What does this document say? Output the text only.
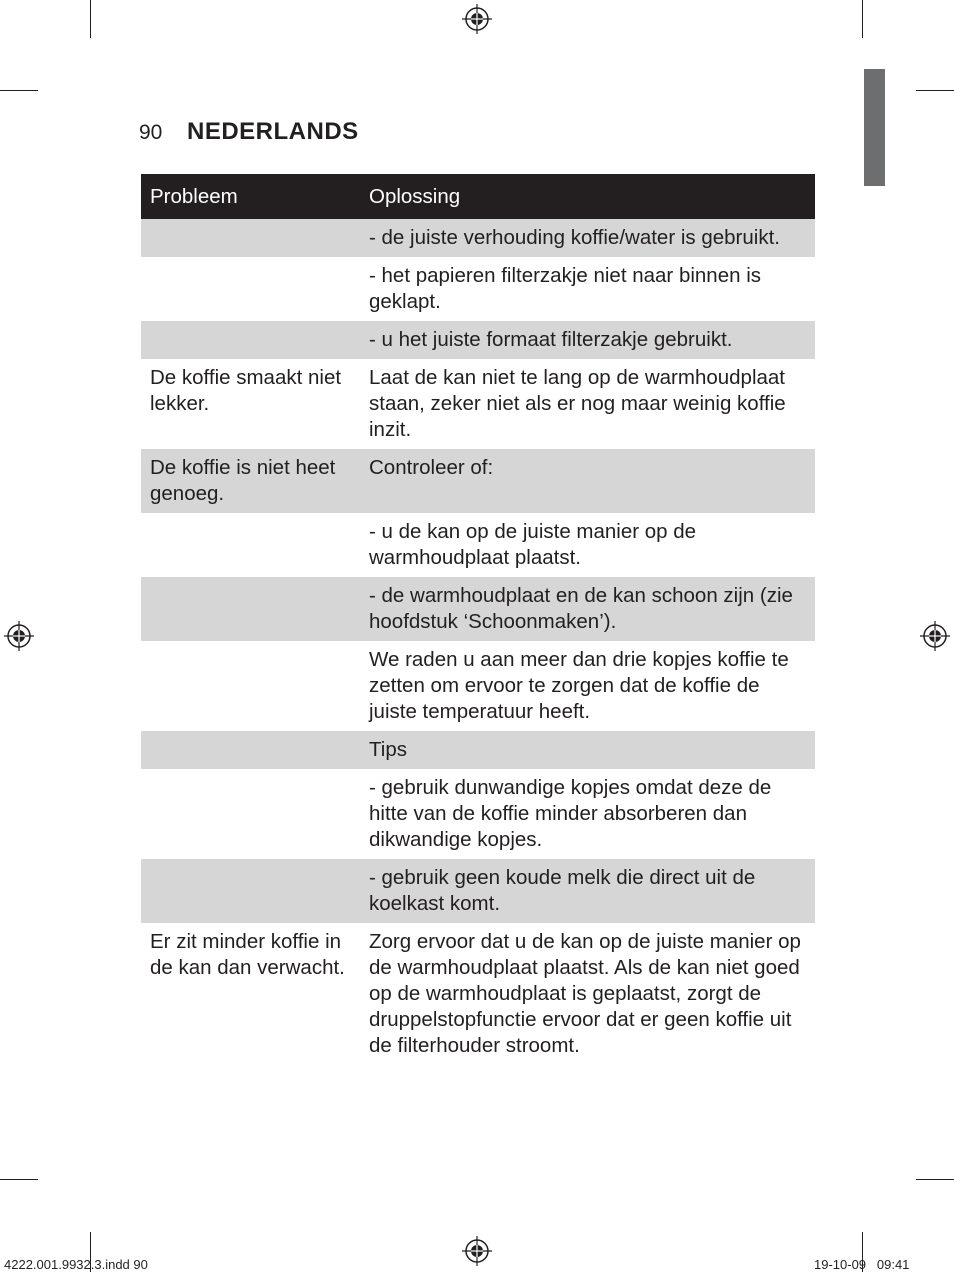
90 NEDERLANDS
Probleem	Oplossing
	- de juiste verhouding koffie/water is gebruikt.
	- het papieren filterzakje niet naar binnen is geklapt.
	- u het juiste formaat filterzakje gebruikt.
De koffie smaakt niet lekker.	Laat de kan niet te lang op de warmhoudplaat staan, zeker niet als er nog maar weinig koffie inzit.
De koffie is niet heet genoeg.	Controleer of:
	- u de kan op de juiste manier op de warmhoudplaat plaatst.
	- de warmhoudplaat en de kan schoon zijn (zie hoofdstuk ‘Schoonmaken’).
	We raden u aan meer dan drie kopjes koffie te zetten om ervoor te zorgen dat de koffie de juiste temperatuur heeft.
	Tips
	- gebruik dunwandige kopjes omdat deze de hitte van de koffie minder absorberen dan dikwandige kopjes.
	- gebruik geen koude melk die direct uit de koelkast komt.
Er zit minder koffie in de kan dan verwacht.	Zorg ervoor dat u de kan op de juiste manier op de warmhoudplaat plaatst. Als de kan niet goed op de warmhoudplaat is geplaatst, zorgt de druppelstopfunctie ervoor dat er geen koffie uit de filterhouder stroomt.
4222.001.9932.3.indd 90	19-10-09   09:41
